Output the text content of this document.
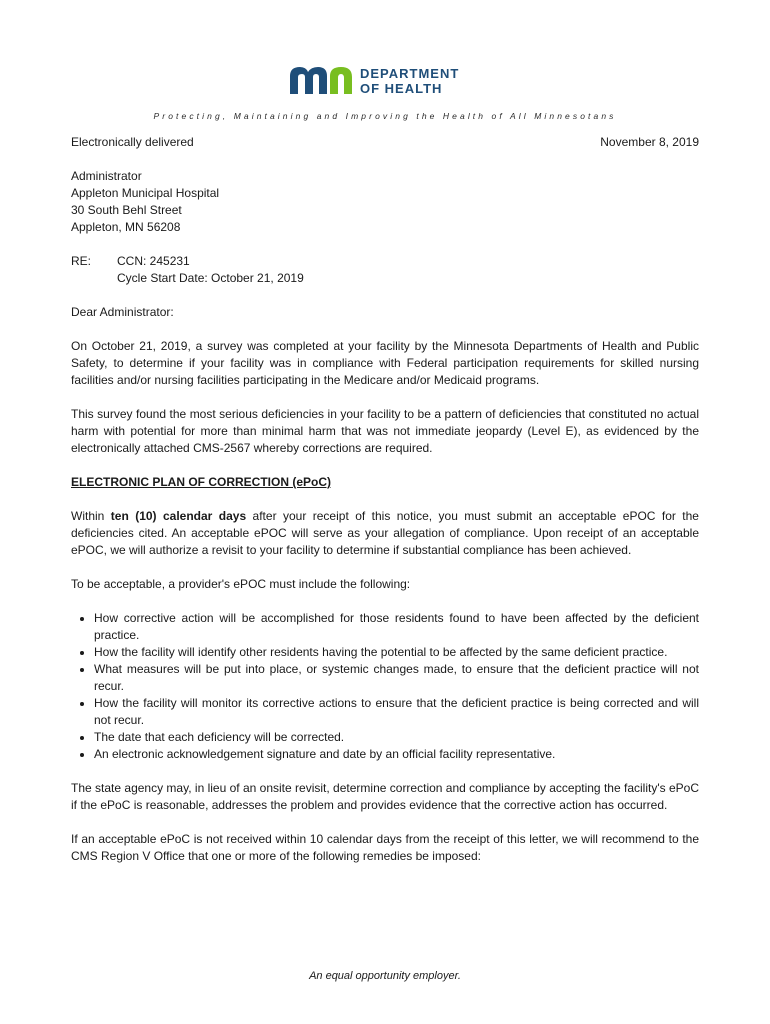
DEPARTMENT
OF HEALTH
Protecting, Maintaining and Improving the Health of All Minnesotans
Electronically delivered	November 8, 2019

Administrator

Appleton Municipal Hospital

30 South Behl Street

Appleton, MN 56208

RE:	CCN: 245231
Cycle Start Date: October 21, 2019

Dear Administrator:

On October 21, 2019, a survey was completed at your facility by the Minnesota Departments of Health and Public Safety, to determine if your facility was in compliance with Federal participation requirements for skilled nursing facilities and/or nursing facilities participating in the Medicare and/or Medicaid programs.

This survey found the most serious deficiencies in your facility to be a pattern of deficiencies that constituted no actual harm with potential for more than minimal harm that was not immediate jeopardy (Level E), as evidenced by the electronically attached CMS-2567 whereby corrections are required.

ELECTRONIC PLAN OF CORRECTION (ePoC)

Within ten (10) calendar days after your receipt of this notice, you must submit an acceptable ePOC for the deficiencies cited. An acceptable ePOC will serve as your allegation of compliance. Upon receipt of an acceptable ePOC, we will authorize a revisit to your facility to determine if substantial compliance has been achieved.

To be acceptable, a provider's ePOC must include the following:

• How corrective action will be accomplished for those residents found to have been affected by the deficient practice.
• How the facility will identify other residents having the potential to be affected by the same deficient practice.
• What measures will be put into place, or systemic changes made, to ensure that the deficient practice will not recur.
• How the facility will monitor its corrective actions to ensure that the deficient practice is being corrected and will not recur.
• The date that each deficiency will be corrected.
• An electronic acknowledgement signature and date by an official facility representative.

The state agency may, in lieu of an onsite revisit, determine correction and compliance by accepting the facility's ePoC if the ePoC is reasonable, addresses the problem and provides evidence that the corrective action has occurred.

If an acceptable ePoC is not received within 10 calendar days from the receipt of this letter, we will recommend to the CMS Region V Office that one or more of the following remedies be imposed:

An equal opportunity employer.
